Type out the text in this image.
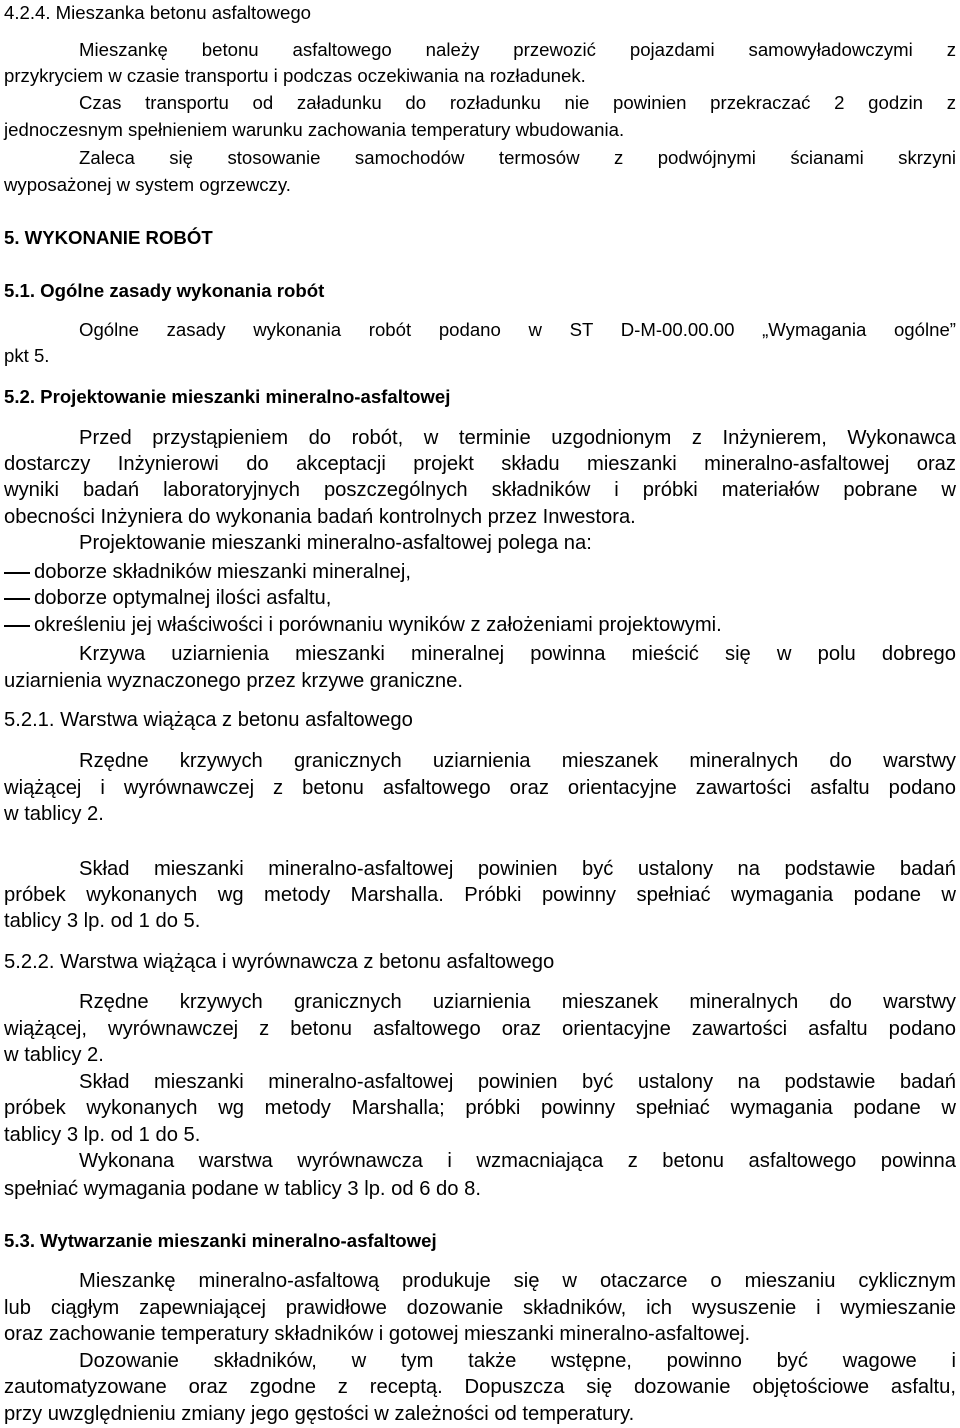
4.2.4. Mieszanka betonu asfaltowego
Mieszankę betonu asfaltowego należy przewozić pojazdami samowyładowczymi z
przykryciem w czasie transportu i podczas oczekiwania na rozładunek.
Czas transportu od załadunku do rozładunku nie powinien przekraczać 2 godzin z
jednoczesnym spełnieniem warunku zachowania temperatury wbudowania.
Zaleca się stosowanie samochodów termosów z podwójnymi ścianami skrzyni
wyposażonej w system ogrzewczy.
5. WYKONANIE ROBÓT
5.1. Ogólne zasady wykonania robót
Ogólne zasady wykonania robót podano w ST D-M-00.00.00 „Wymagania ogólne”
pkt 5.
5.2. Projektowanie mieszanki mineralno-asfaltowej
Przed przystąpieniem do robót, w terminie uzgodnionym z Inżynierem, Wykonawca
dostarczy Inżynierowi do akceptacji projekt składu mieszanki mineralno-asfaltowej oraz
wyniki badań laboratoryjnych poszczególnych składników i próbki materiałów pobrane w
obecności Inżyniera do wykonania badań kontrolnych przez Inwestora.
Projektowanie mieszanki mineralno-asfaltowej polega na:
doborze składników mieszanki mineralnej,
doborze optymalnej ilości asfaltu,
określeniu jej właściwości i porównaniu wyników z założeniami projektowymi.
Krzywa uziarnienia mieszanki mineralnej powinna mieścić się w polu dobrego
uziarnienia wyznaczonego przez krzywe graniczne.
5.2.1. Warstwa wiążąca z betonu asfaltowego
Rzędne krzywych granicznych uziarnienia mieszanek mineralnych do warstwy
wiążącej i wyrównawczej z betonu asfaltowego oraz orientacyjne zawartości asfaltu podano
w tablicy 2.
Skład mieszanki mineralno-asfaltowej powinien być ustalony na podstawie badań
próbek wykonanych wg metody Marshalla. Próbki powinny spełniać wymagania podane w
tablicy 3 lp. od 1 do 5.
5.2.2. Warstwa wiążąca i wyrównawcza z betonu asfaltowego
Rzędne krzywych granicznych uziarnienia mieszanek mineralnych do warstwy
wiążącej, wyrównawczej z betonu asfaltowego oraz orientacyjne zawartości asfaltu podano
w tablicy 2.
Skład mieszanki mineralno-asfaltowej powinien być ustalony na podstawie badań
próbek wykonanych wg metody Marshalla; próbki powinny spełniać wymagania podane w
tablicy 3 lp. od 1 do 5.
Wykonana warstwa wyrównawcza i wzmacniająca z betonu asfaltowego powinna
spełniać wymagania podane w tablicy 3 lp. od 6 do 8.
5.3. Wytwarzanie mieszanki mineralno-asfaltowej
Mieszankę mineralno-asfaltową produkuje się w otaczarce o mieszaniu cyklicznym
lub ciągłym zapewniającej prawidłowe dozowanie składników, ich wysuszenie i wymieszanie
oraz zachowanie temperatury składników i gotowej mieszanki mineralno-asfaltowej.
Dozowanie składników, w tym także wstępne, powinno być wagowe i
zautomatyzowane oraz zgodne z receptą. Dopuszcza się dozowanie objętościowe asfaltu,
przy uwzględnieniu zmiany jego gęstości w zależności od temperatury.
